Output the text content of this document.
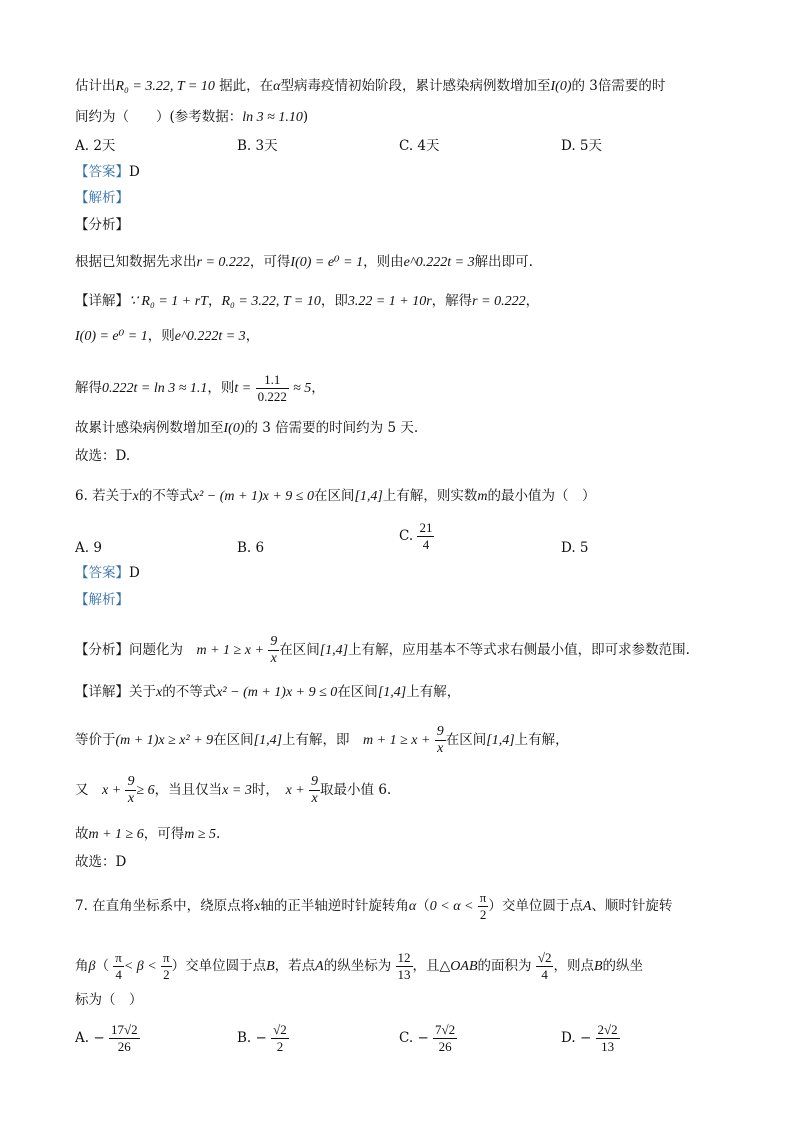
估计出R₀ = 3.22, T = 10 据此，在α型病毒疫情初始阶段，累计感染病例数增加至I(0)的 3倍需要的时
间约为（　　）(参考数据：ln 3 ≈ 1.10)
A. 2天	B. 3天	C. 4天	D. 5天
【答案】D
【解析】
【分析】
根据已知数据先求出r = 0.222，可得I(0) = e⁰ = 1，则由e^0.222t = 3解出即可.
【详解】∵ R₀ = 1 + rT，R₀ = 3.22, T = 10，即3.22 = 1 + 10r，解得r = 0.222，
I(0) = e⁰ = 1，则e^0.222t = 3，
解得0.222t = ln 3 ≈ 1.1，则$t = \frac{1.1}{0.222} \approx 5$，
故累计感染病例数增加至I(0)的 3 倍需要的时间约为 5 天.
故选：D.
6. 若关于x的不等式x² − (m + 1)x + 9 ≤ 0在区间[1,4]上有解，则实数m的最小值为（　）
A. 9	B. 6
C. $\frac{21}{4}$	D. 5
【答案】D
【解析】
【分析】问题化为　 $m + 1 \ge x + \frac{9}{x}$ 在区间[1,4]上有解，应用基本不等式求右侧最小值，即可求参数范围.
【详解】关于x的不等式x² − (m + 1)x + 9 ≤ 0在区间[1,4]上有解，
等价于(m + 1)x ≥ x² + 9在区间[1,4]上有解，即　 $m + 1 \ge x + \frac{9}{x}$ 在区间[1,4]上有解，
又　 $x + \frac{9}{x} \ge 6$，当且仅当x = 3时，　 $x + \frac{9}{x}$ 取最小值 6.
故m + 1 ≥ 6，可得m ≥ 5.
故选：D
7. 在直角坐标系中，绕原点将x轴的正半轴逆时针旋转角$\alpha(0 < \alpha < \frac{\pi}{2}$ ）交单位圆于点A、顺时针旋转
角$\beta( \frac{\pi}{4} < \beta < \frac{\pi}{2}$ ）交单位圆于点B，若点A的纵坐标为 $\frac{12}{13}$ ，且△OAB的面积为 $\frac{√2}{4}$ ，则点B的纵坐
标为（　）
A. − $\frac{17√2}{26}$	B. − $\frac{√2}{2}$	C. − $\frac{7√2}{26}$	D. − $\frac{2√2}{13}$
